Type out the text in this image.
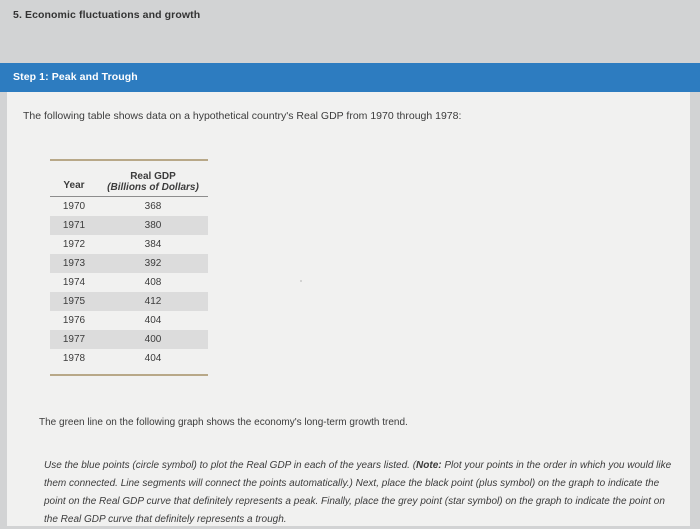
5. Economic fluctuations and growth
Step 1: Peak and Trough
The following table shows data on a hypothetical country's Real GDP from 1970 through 1978:

Year	Real GDP
(Billions of Dollars)

1970	368
1971	380
1972	384
1973	392
1974	408
1975	412
1976	404
1977	400
1978	404

The green line on the following graph shows the economy's long-term growth trend.
Use the blue points (circle symbol) to plot the Real GDP in each of the years listed. (Note: Plot your points in the order in which you would like them connected. Line segments will connect the points automatically.) Next, place the black point (plus symbol) on the graph to indicate the point on the Real GDP curve that definitely represents a peak. Finally, place the grey point (star symbol) on the graph to indicate the point on the Real GDP curve that definitely represents a trough.
